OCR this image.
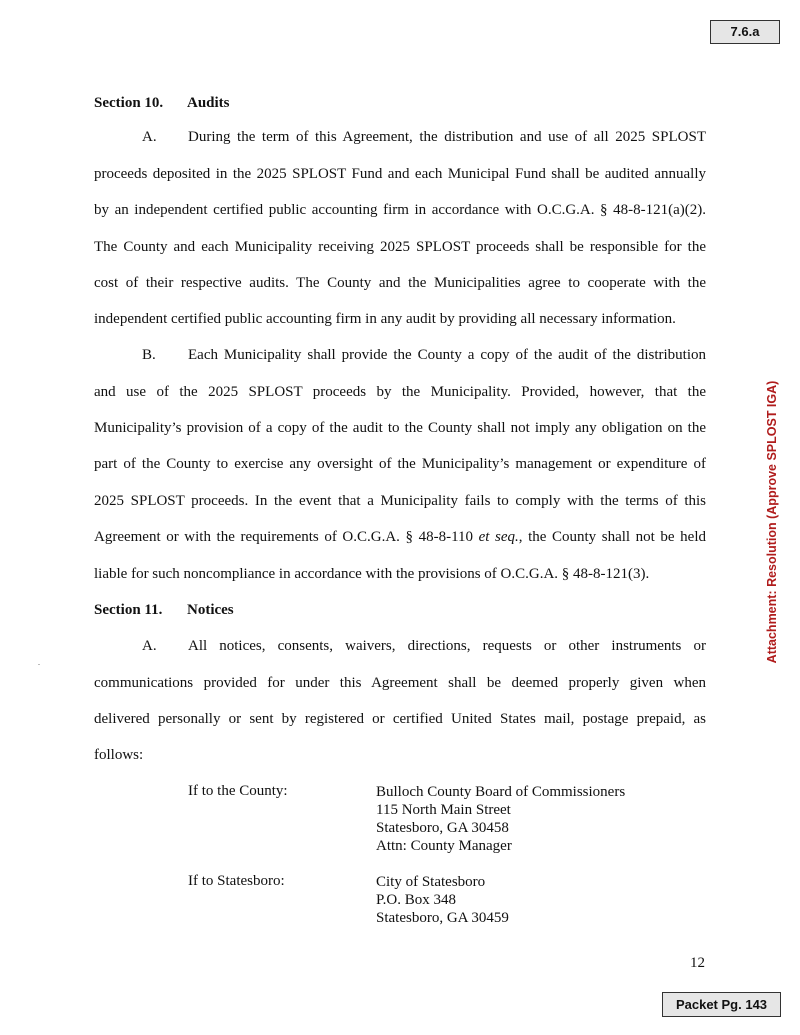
7.6.a
Attachment: Resolution (Approve SPLOST IGA)
Section 10. Audits
A. During the term of this Agreement, the distribution and use of all 2025 SPLOST
proceeds deposited in the 2025 SPLOST Fund and each Municipal Fund shall be audited annually
by an independent certified public accounting firm in accordance with O.C.G.A. § 48-8-121(a)(2).
The County and each Municipality receiving 2025 SPLOST proceeds shall be responsible for the
cost of their respective audits. The County and the Municipalities agree to cooperate with the
independent certified public accounting firm in any audit by providing all necessary information.
B. Each Municipality shall provide the County a copy of the audit of the distribution
and use of the 2025 SPLOST proceeds by the Municipality. Provided, however, that the
Municipality’s provision of a copy of the audit to the County shall not imply any obligation on the
part of the County to exercise any oversight of the Municipality’s management or expenditure of
2025 SPLOST proceeds. In the event that a Municipality fails to comply with the terms of this
Agreement or with the requirements of O.C.G.A. § 48-8-110 et seq., the County shall not be held
liable for such noncompliance in accordance with the provisions of O.C.G.A. § 48-8-121(3).
Section 11. Notices
A. All notices, consents, waivers, directions, requests or other instruments or
communications provided for under this Agreement shall be deemed properly given when
delivered personally or sent by registered or certified United States mail, postage prepaid, as
follows:
If to the County:	Bulloch County Board of Commissioners
115 North Main Street
Statesboro, GA 30458
Attn: County Manager
If to Statesboro:	City of Statesboro
P.O. Box 348
Statesboro, GA 30459
12
Packet Pg. 143
